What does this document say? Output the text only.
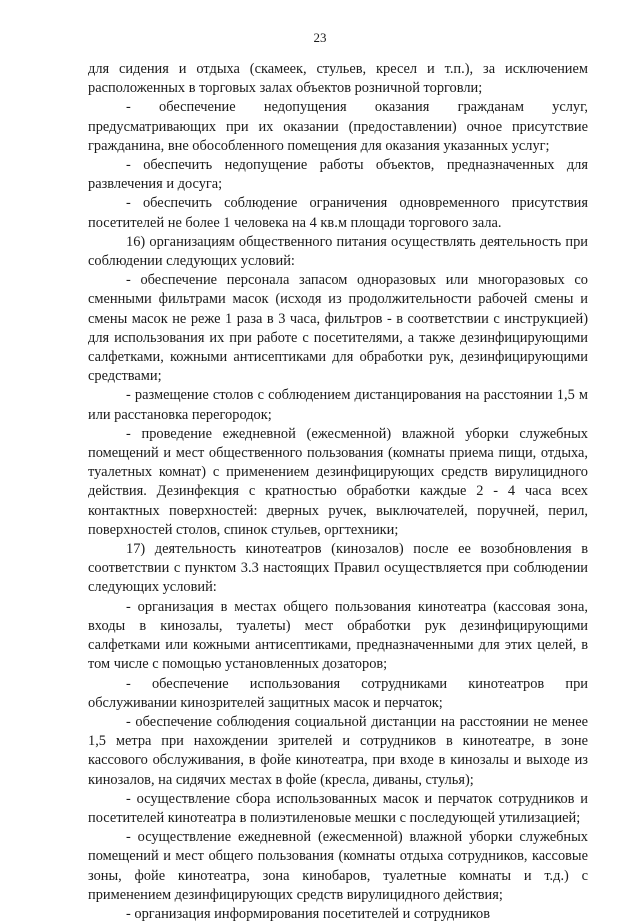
23

для сидения и отдыха (скамеек, стульев, кресел и т.п.), за исключением расположенных в торговых залах объектов розничной торговли;

- обеспечение недопущения оказания гражданам услуг, предусматривающих при их оказании (предоставлении) очное присутствие гражданина, вне обособленного помещения для оказания указанных услуг;

- обеспечить недопущение работы объектов, предназначенных для развлечения и досуга;

- обеспечить соблюдение ограничения одновременного присутствия посетителей не более 1 человека на 4 кв.м площади торгового зала.

16) организациям общественного питания осуществлять деятельность при соблюдении следующих условий:

- обеспечение персонала запасом одноразовых или многоразовых со сменными фильтрами масок (исходя из продолжительности рабочей смены и смены масок не реже 1 раза в 3 часа, фильтров - в соответствии с инструкцией) для использования их при работе с посетителями, а также дезинфицирующими салфетками, кожными антисептиками для обработки рук, дезинфицирующими средствами;

- размещение столов с соблюдением дистанцирования на расстоянии 1,5 м или расстановка перегородок;

- проведение ежедневной (ежесменной) влажной уборки служебных помещений и мест общественного пользования (комнаты приема пищи, отдыха, туалетных комнат) с применением дезинфицирующих средств вирулицидного действия. Дезинфекция с кратностью обработки каждые 2 - 4 часа всех контактных поверхностей: дверных ручек, выключателей, поручней, перил, поверхностей столов, спинок стульев, оргтехники;

17) деятельность кинотеатров (кинозалов) после ее возобновления в соответствии с пунктом 3.3 настоящих Правил осуществляется при соблюдении следующих условий:

- организация в местах общего пользования кинотеатра (кассовая зона, входы в кинозалы, туалеты) мест обработки рук дезинфицирующими салфетками или кожными антисептиками, предназначенными для этих целей, в том числе с помощью установленных дозаторов;

- обеспечение использования сотрудниками кинотеатров при обслуживании кинозрителей защитных масок и перчаток;

- обеспечение соблюдения социальной дистанции на расстоянии не менее 1,5 метра при нахождении зрителей и сотрудников в кинотеатре, в зоне кассового обслуживания, в фойе кинотеатра, при входе в кинозалы и выходе из кинозалов, на сидячих местах в фойе (кресла, диваны, стулья);

- осуществление сбора использованных масок и перчаток сотрудников и посетителей кинотеатра в полиэтиленовые мешки с последующей утилизацией;

- осуществление ежедневной (ежесменной) влажной уборки служебных помещений и мест общего пользования (комнаты отдыха сотрудников, кассовые зоны, фойе кинотеатра, зона кинобаров, туалетные комнаты и т.д.) с применением дезинфицирующих средств вирулицидного действия;

- организация информирования посетителей и сотрудников
